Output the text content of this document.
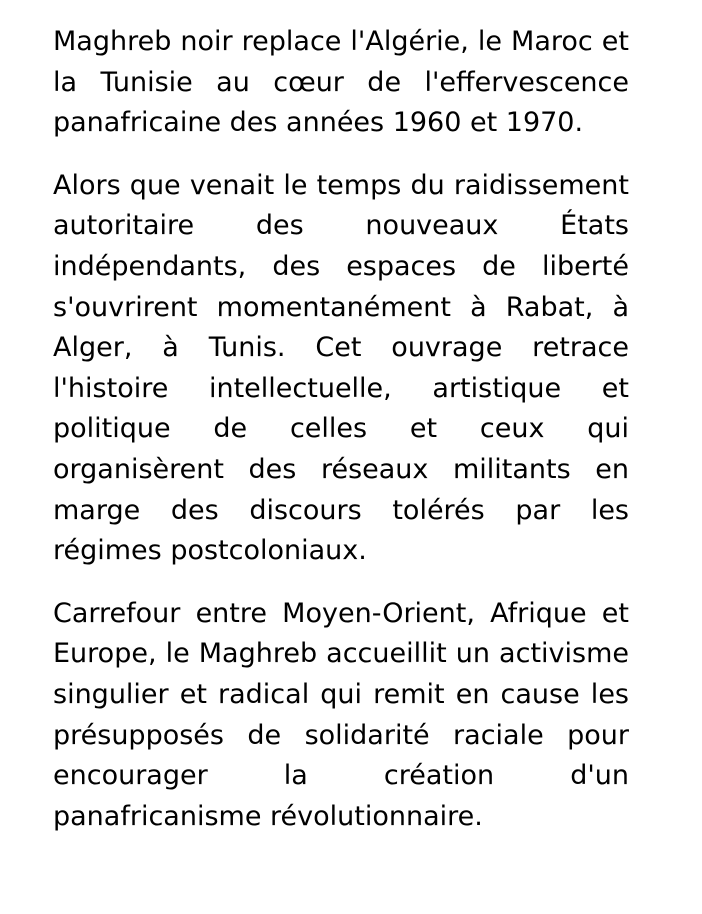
Maghreb noir replace l'Algérie, le Maroc et la Tunisie au cœur de l'effervescence panafricaine des années 1960 et 1970.

Alors que venait le temps du raidissement autoritaire des nouveaux États indépendants, des espaces de liberté s'ouvrirent momentanément à Rabat, à Alger, à Tunis. Cet ouvrage retrace l'histoire intellectuelle, artistique et politique de celles et ceux qui organisèrent des réseaux militants en marge des discours tolérés par les régimes postcoloniaux.

Carrefour entre Moyen-Orient, Afrique et Europe, le Maghreb accueillit un activisme singulier et radical qui remit en cause les présupposés de solidarité raciale pour encourager la création d'un panafricanisme révolutionnaire.
